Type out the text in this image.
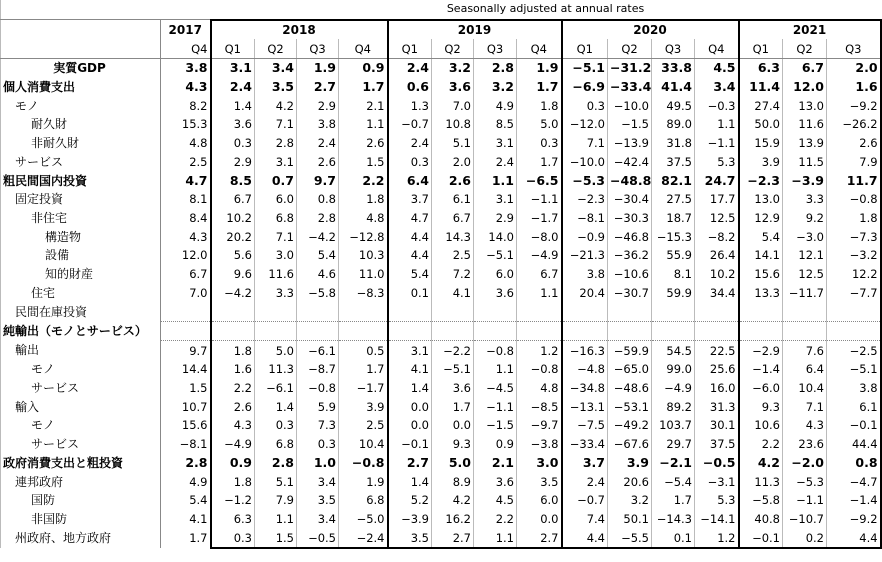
		Seasonally adjusted at annual rates														
	2017	2018				2019				2020				2021		
	Q4	Q1	Q2	Q3	Q4	Q1	Q2	Q3	Q4	Q1	Q2	Q3	Q4	Q1	Q2	Q3
実質GDP	3.8	3.1	3.4	1.9	0.9	2.4	3.2	2.8	1.9	−5.1	−31.2	33.8	4.5	6.3	6.7	2.0
個人消費支出	4.3	2.4	3.5	2.7	1.7	0.6	3.6	3.2	1.7	−6.9	−33.4	41.4	3.4	11.4	12.0	1.6
モノ	8.2	1.4	4.2	2.9	2.1	1.3	7.0	4.9	1.8	0.3	−10.0	49.5	−0.3	27.4	13.0	−9.2
耐久財	15.3	3.6	7.1	3.8	1.1	−0.7	10.8	8.5	5.0	−12.0	−1.5	89.0	1.1	50.0	11.6	−26.2
非耐久財	4.8	0.3	2.8	2.4	2.6	2.4	5.1	3.1	0.3	7.1	−13.9	31.8	−1.1	15.9	13.9	2.6
サービス	2.5	2.9	3.1	2.6	1.5	0.3	2.0	2.4	1.7	−10.0	−42.4	37.5	5.3	3.9	11.5	7.9
粗民間国内投資	4.7	8.5	0.7	9.7	2.2	6.4	2.6	1.1	−6.5	−5.3	−48.8	82.1	24.7	−2.3	−3.9	11.7
固定投資	8.1	6.7	6.0	0.8	1.8	3.7	6.1	3.1	−1.1	−2.3	−30.4	27.5	17.7	13.0	3.3	−0.8
非住宅	8.4	10.2	6.8	2.8	4.8	4.7	6.7	2.9	−1.7	−8.1	−30.3	18.7	12.5	12.9	9.2	1.8
構造物	4.3	20.2	7.1	−4.2	−12.8	4.4	14.3	14.0	−8.0	−0.9	−46.8	−15.3	−8.2	5.4	−3.0	−7.3
設備	12.0	5.6	3.0	5.4	10.3	4.4	2.5	−5.1	−4.9	−21.3	−36.2	55.9	26.4	14.1	12.1	−3.2
知的財産	6.7	9.6	11.6	4.6	11.0	5.4	7.2	6.0	6.7	3.8	−10.6	8.1	10.2	15.6	12.5	12.2
住宅	7.0	−4.2	3.3	−5.8	−8.3	0.1	4.1	3.6	1.1	20.4	−30.7	59.9	34.4	13.3	−11.7	−7.7
民間在庫投資																
純輸出（モノとサービス）																
輸出	9.7	1.8	5.0	−6.1	0.5	3.1	−2.2	−0.8	1.2	−16.3	−59.9	54.5	22.5	−2.9	7.6	−2.5
モノ	14.4	1.6	11.3	−8.7	1.7	4.1	−5.1	1.1	−0.8	−4.8	−65.0	99.0	25.6	−1.4	6.4	−5.1
サービス	1.5	2.2	−6.1	−0.8	−1.7	1.4	3.6	−4.5	4.8	−34.8	−48.6	−4.9	16.0	−6.0	10.4	3.8
輸入	10.7	2.6	1.4	5.9	3.9	0.0	1.7	−1.1	−8.5	−13.1	−53.1	89.2	31.3	9.3	7.1	6.1
モノ	15.6	4.3	0.3	7.3	2.5	0.0	0.0	−1.5	−9.7	−7.5	−49.2	103.7	30.1	10.6	4.3	−0.1
サービス	−8.1	−4.9	6.8	0.3	10.4	−0.1	9.3	0.9	−3.8	−33.4	−67.6	29.7	37.5	2.2	23.6	44.4
政府消費支出と粗投資	2.8	0.9	2.8	1.0	−0.8	2.7	5.0	2.1	3.0	3.7	3.9	−2.1	−0.5	4.2	−2.0	0.8
連邦政府	4.9	1.8	5.1	3.4	1.9	1.4	8.9	3.6	3.5	2.4	20.6	−5.4	−3.1	11.3	−5.3	−4.7
国防	5.4	−1.2	7.9	3.5	6.8	5.2	4.2	4.5	6.0	−0.7	3.2	1.7	5.3	−5.8	−1.1	−1.4
非国防	4.1	6.3	1.1	3.4	−5.0	−3.9	16.2	2.2	0.0	7.4	50.1	−14.3	−14.1	40.8	−10.7	−9.2
州政府、地方政府	1.7	0.3	1.5	−0.5	−2.4	3.5	2.7	1.1	2.7	4.4	−5.5	0.1	1.2	−0.1	0.2	4.4
